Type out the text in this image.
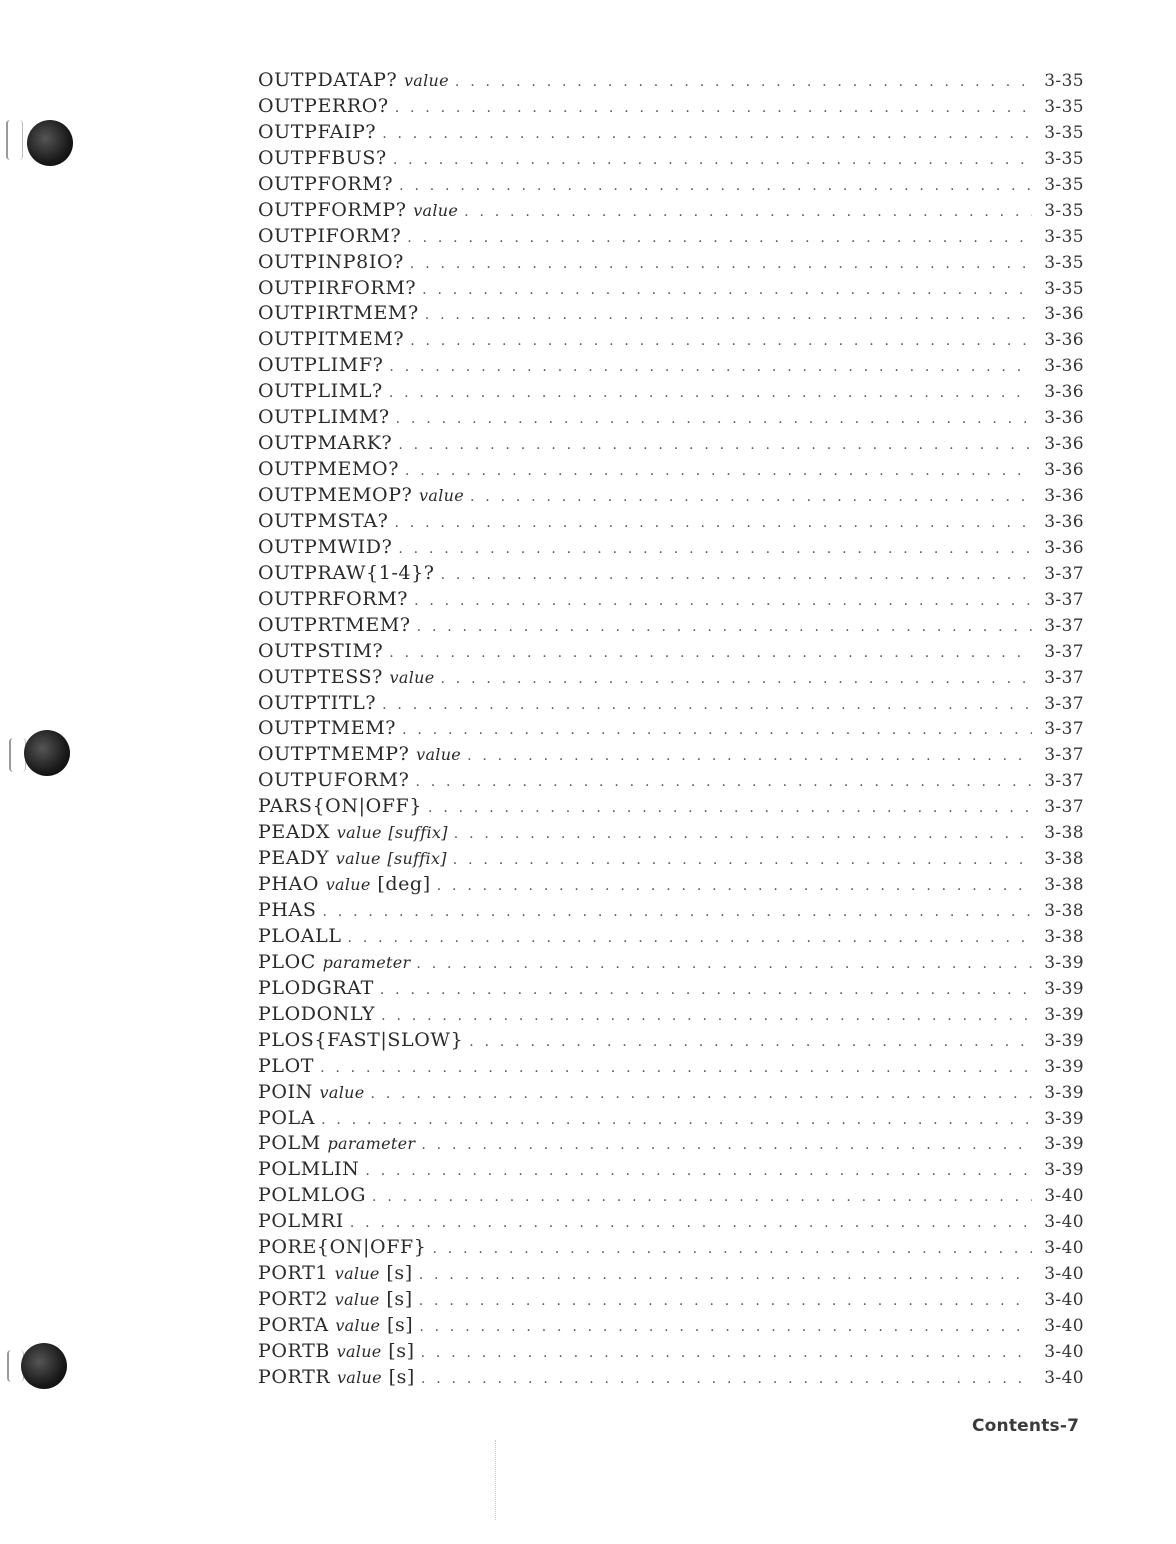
OUTPDATAP? value . . .	3-35
OUTPERRO? . . .	3-35
OUTPFAIP? . . .	3-35
OUTPFBUS? . . .	3-35
OUTPFORM? . . .	3-35
OUTPFORMP? value . . .	3-35
OUTPIFORM? . . .	3-35
OUTPINP8IO? . . .	3-35
OUTPIRFORM? . . .	3-35
OUTPIRTMEM? . . .	3-36
OUTPITMEM? . . .	3-36
OUTPLIMF? . . .	3-36
OUTPLIML? . . .	3-36
OUTPLIMM? . . .	3-36
OUTPMARK? . . .	3-36
OUTPMEMO? . . .	3-36
OUTPMEMOP? value . . .	3-36
OUTPMSTA? . . .	3-36
OUTPMWID? . . .	3-36
OUTPRAW{1-4}? . . .	3-37
OUTPRFORM? . . .	3-37
OUTPRTMEM? . . .	3-37
OUTPSTIM? . . .	3-37
OUTPTESS? value . . .	3-37
OUTPTITL? . . .	3-37
OUTPTMEM? . . .	3-37
OUTPTMEMP? value . . .	3-37
OUTPUFORM? . . .	3-37
PARS{ON|OFF} . . .	3-37
PEADX value [suffix] . . .	3-38
PEADY value [suffix] . . .	3-38
PHAO value [deg] . . .	3-38
PHAS . . .	3-38
PLOALL . . .	3-38
PLOC parameter . . .	3-39
PLODGRAT . . .	3-39
PLODONLY . . .	3-39
PLOS{FAST|SLOW} . . .	3-39
PLOT . . .	3-39
POIN value . . .	3-39
POLA . . .	3-39
POLM parameter . . .	3-39
POLMLIN . . .	3-39
POLMLOG . . .	3-40
POLMRI . . .	3-40
PORE{ON|OFF} . . .	3-40
PORT1 value [s] . . .	3-40
PORT2 value [s] . . .	3-40
PORTA value [s] . . .	3-40
PORTB value [s] . . .	3-40
PORTR value [s] . . .	3-40
Contents-7
